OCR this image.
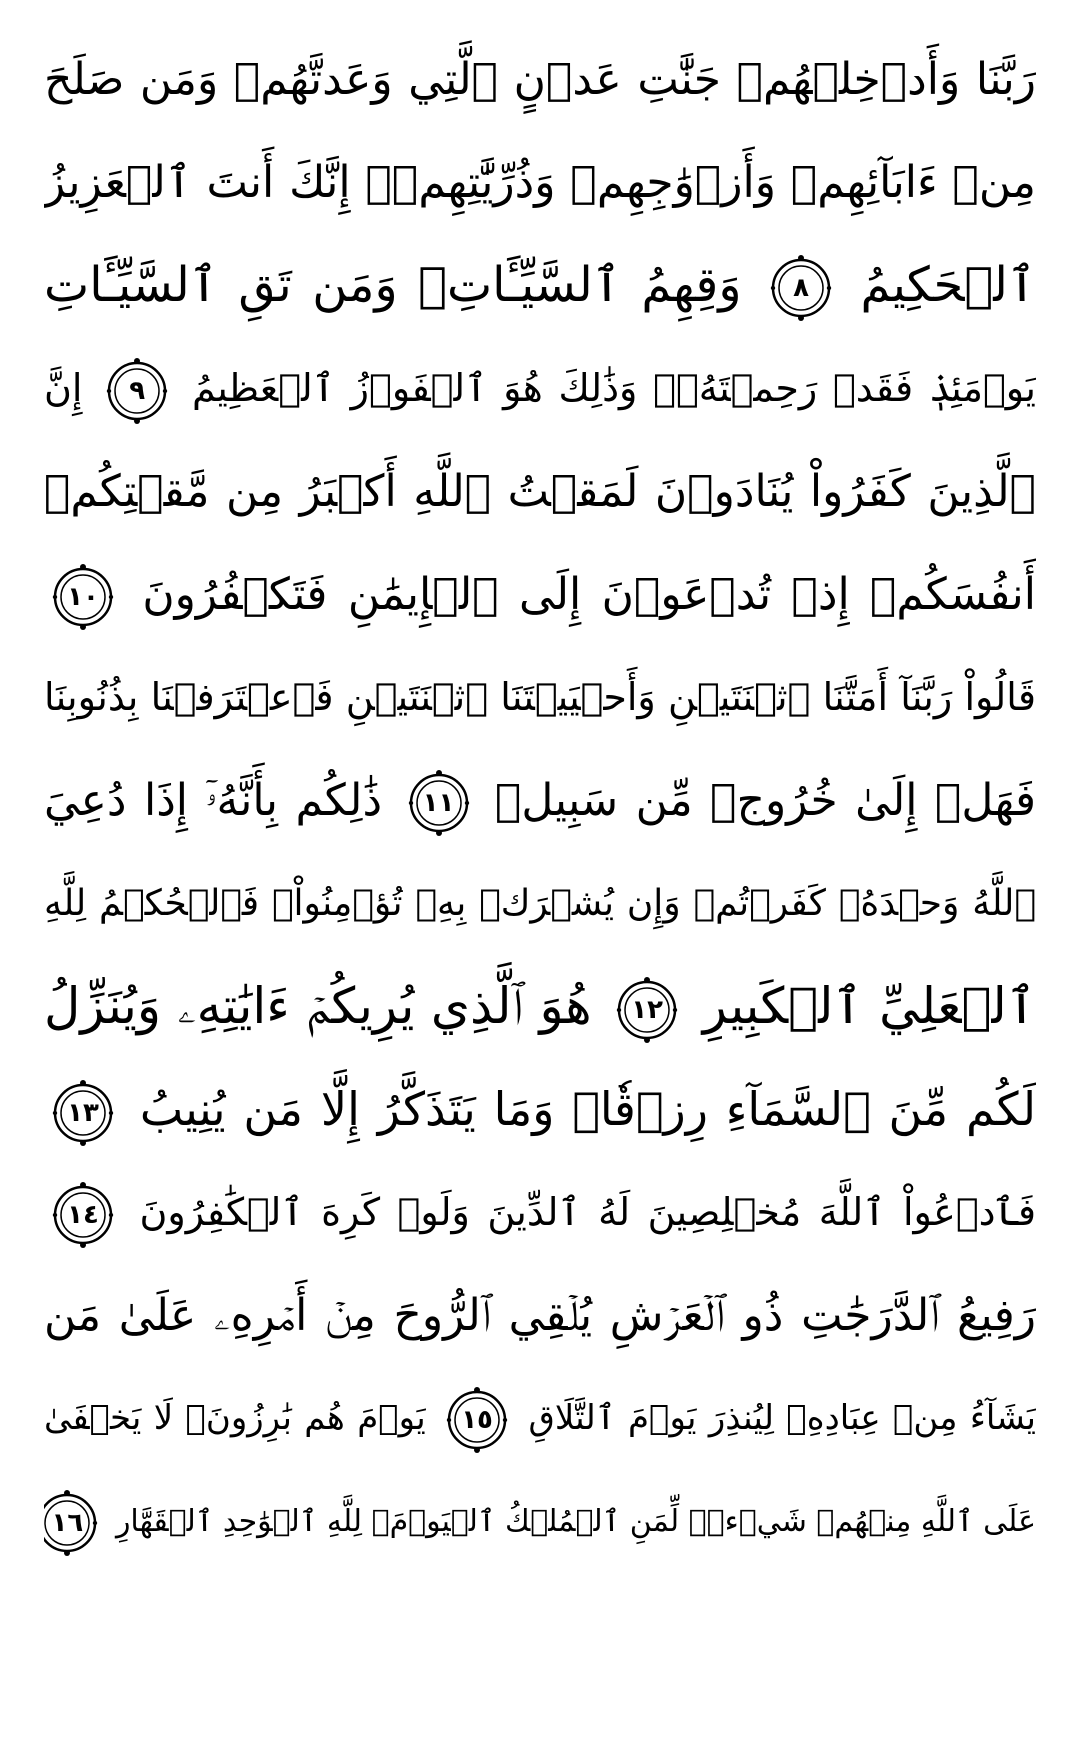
رَبَّنَا وَأَدۡخِلۡهُمۡ جَنَّٰتِ عَدۡنٍ ٱلَّتِي وَعَدتَّهُمۡ وَمَن صَلَحَ
مِنۡ ءَابَآئِهِمۡ وَأَزۡوَٰجِهِمۡ وَذُرِّيَّٰتِهِمۡۚ إِنَّكَ أَنتَ ٱلۡعَزِيزُ
ٱلۡحَكِيمُ
٨
وَقِهِمُ ٱلسَّيِّـَٔاتِۚ وَمَن تَقِ ٱلسَّيِّـَٔاتِ
يَوۡمَئِذٖ فَقَدۡ رَحِمۡتَهُۥۚ وَذَٰلِكَ هُوَ ٱلۡفَوۡزُ ٱلۡعَظِيمُ
٩
إِنَّ
ٱلَّذِينَ كَفَرُواْ يُنَادَوۡنَ لَمَقۡتُ ٱللَّهِ أَكۡبَرُ مِن مَّقۡتِكُمۡ
أَنفُسَكُمۡ إِذۡ تُدۡعَوۡنَ إِلَى ٱلۡإِيمَٰنِ فَتَكۡفُرُونَ
١٠
قَالُواْ رَبَّنَآ أَمَتَّنَا ٱثۡنَتَيۡنِ وَأَحۡيَيۡتَنَا ٱثۡنَتَيۡنِ فَٱعۡتَرَفۡنَا بِذُنُوبِنَا
فَهَلۡ إِلَىٰ خُرُوجٖ مِّن سَبِيلٖ
١١
ذَٰلِكُم بِأَنَّهُۥٓ إِذَا دُعِيَ
ٱللَّهُ وَحۡدَهُۥ كَفَرۡتُمۡ وَإِن يُشۡرَكۡ بِهِۦ تُؤۡمِنُواْۚ فَٱلۡحُكۡمُ لِلَّهِ
ٱلۡعَلِيِّ ٱلۡكَبِيرِ
١٢
هُوَ ٱلَّذِي يُرِيكُمۡ ءَايَٰتِهِۦ وَيُنَزِّلُ
لَكُم مِّنَ ٱلسَّمَآءِ رِزۡقٗاۚ وَمَا يَتَذَكَّرُ إِلَّا مَن يُنِيبُ
١٣
فَٱدۡعُواْ ٱللَّهَ مُخۡلِصِينَ لَهُ ٱلدِّينَ وَلَوۡ كَرِهَ ٱلۡكَٰفِرُونَ
١٤
رَفِيعُ ٱلدَّرَجَٰتِ ذُو ٱلۡعَرۡشِ يُلۡقِي ٱلرُّوحَ مِنۡ أَمۡرِهِۦ عَلَىٰ مَن
يَشَآءُ مِنۡ عِبَادِهِۦ لِيُنذِرَ يَوۡمَ ٱلتَّلَاقِ
١٥
يَوۡمَ هُم بَٰرِزُونَۖ لَا يَخۡفَىٰ
عَلَى ٱللَّهِ مِنۡهُمۡ شَيۡءٞۚ لِّمَنِ ٱلۡمُلۡكُ ٱلۡيَوۡمَۖ لِلَّهِ ٱلۡوَٰحِدِ ٱلۡقَهَّارِ
١٦
